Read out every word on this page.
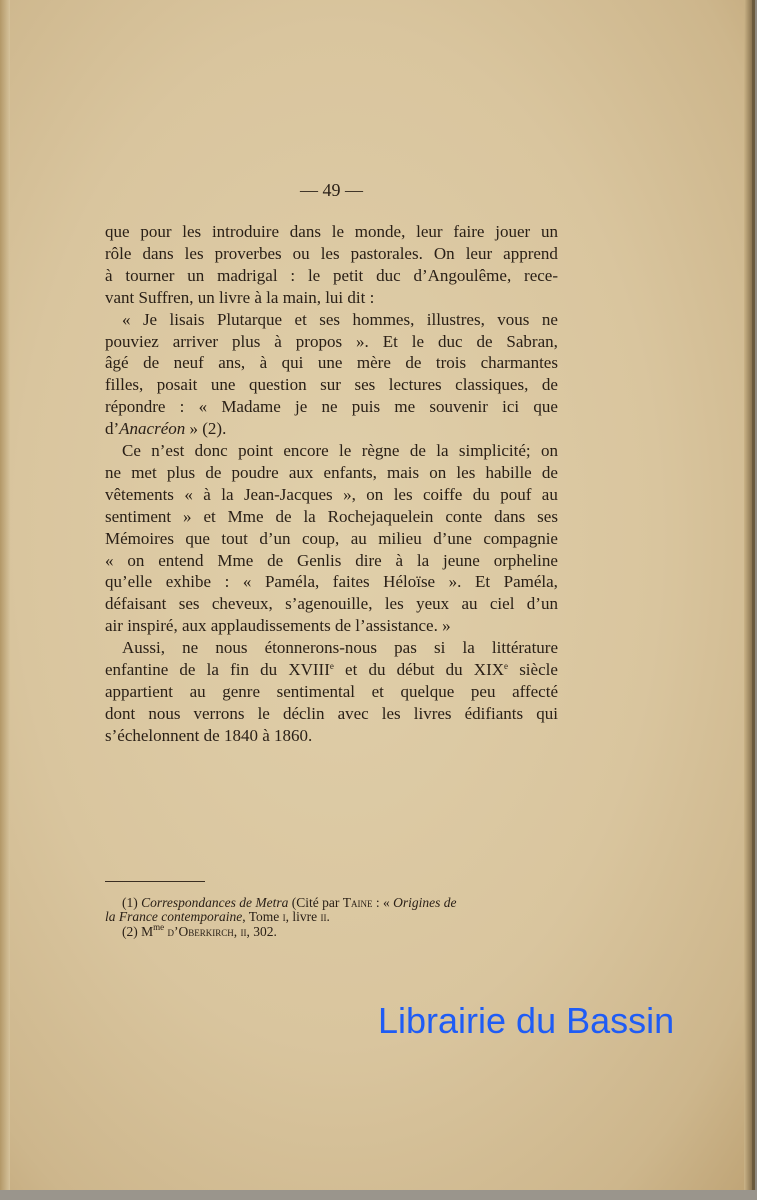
— 49 —
que pour les introduire dans le monde, leur faire jouer un
rôle dans les proverbes ou les pastorales. On leur apprend
à tourner un madrigal : le petit duc d’Angoulême, rece-
vant Suffren, un livre à la main, lui dit :
« Je lisais Plutarque et ses hommes, illustres, vous ne
pouviez arriver plus à propos ». Et le duc de Sabran,
âgé de neuf ans, à qui une mère de trois charmantes
filles, posait une question sur ses lectures classiques, de
répondre : « Madame je ne puis me souvenir ici que
d’Anacréon » (2).
Ce n’est donc point encore le règne de la simplicité; on
ne met plus de poudre aux enfants, mais on les habille de
vêtements « à la Jean-Jacques », on les coiffe du pouf au
sentiment » et Mme de la Rochejaquelein conte dans ses
Mémoires que tout d’un coup, au milieu d’une compagnie
« on entend Mme de Genlis dire à la jeune orpheline
qu’elle exhibe : « Paméla, faites Héloïse ». Et Paméla,
défaisant ses cheveux, s’agenouille, les yeux au ciel d’un
air inspiré, aux applaudissements de l’assistance. »
Aussi, ne nous étonnerons-nous pas si la littérature
enfantine de la fin du XVIIIe et du début du XIXe siècle
appartient au genre sentimental et quelque peu affecté
dont nous verrons le déclin avec les livres édifiants qui
s’échelonnent de 1840 à 1860.
(1) Correspondances de Metra (Cité par Taine : « Origines de
la France contemporaine, Tome i, livre ii.
(2) $M^{me}$ d’Oberkirch, ii, 302.
Librairie du Bassin
